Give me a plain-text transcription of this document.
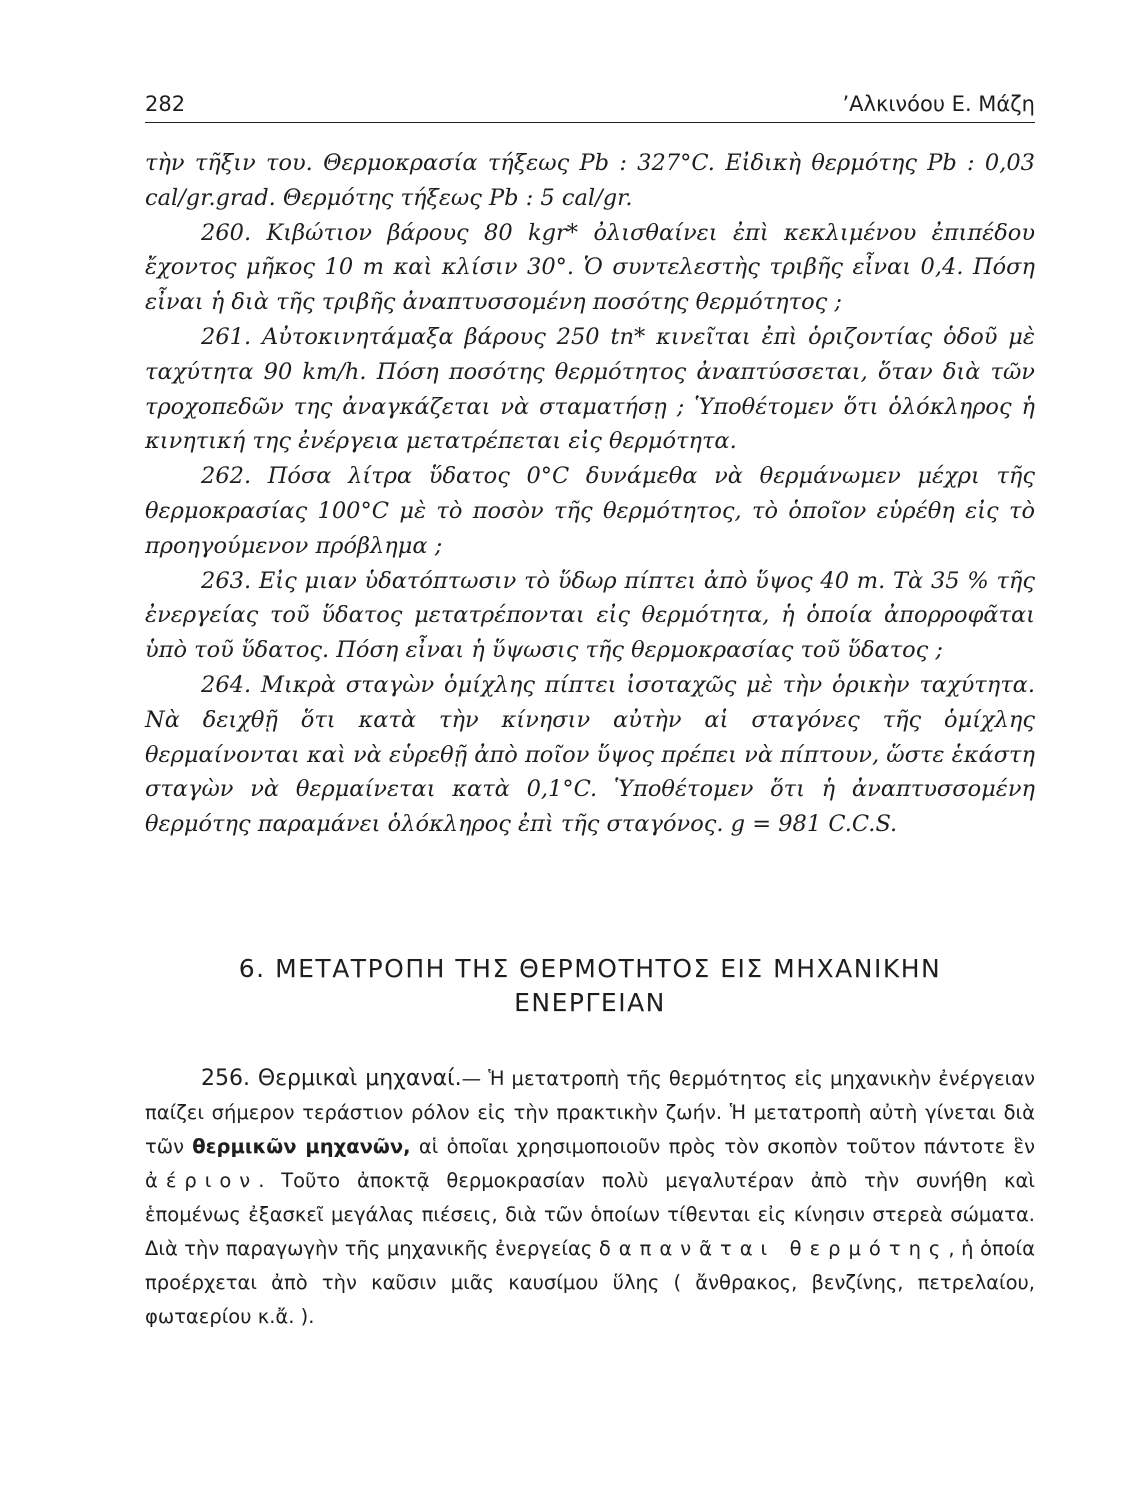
282	’Αλκινόου Ε. Μάζη

τὴν τῆξιν του. Θερμοκρασία τήξεως Pb : 327°C. Εἰδικὴ θερμότης Pb : 0,03 cal/gr.grad. Θερμότης τήξεως Pb : 5 cal/gr.

260. Κιβώτιον βάρους 80 kgr* ὀλισθαίνει ἐπὶ κεκλιμένου ἐπιπέδου ἔχοντος μῆκος 10 m καὶ κλίσιν 30°. Ὁ συντελεστὴς τριβῆς εἶναι 0,4. Πόση εἶναι ἡ διὰ τῆς τριβῆς ἀναπτυσσομένη ποσότης θερμότητος ;

261. Αὐτοκινητάμαξα βάρους 250 tn* κινεῖται ἐπὶ ὁριζοντίας ὁδοῦ μὲ ταχύτητα 90 km/h. Πόση ποσότης θερμότητος ἀναπτύσσεται, ὅταν διὰ τῶν τροχοπεδῶν της ἀναγκάζεται νὰ σταματήσῃ ; Ὑποθέτομεν ὅτι ὁλόκληρος ἡ κινητική της ἐνέργεια μετατρέπεται εἰς θερμότητα.

262. Πόσα λίτρα ὕδατος 0°C δυνάμεθα νὰ θερμάνωμεν μέχρι τῆς θερμοκρασίας 100°C μὲ τὸ ποσὸν τῆς θερμότητος, τὸ ὁποῖον εὑρέθη εἰς τὸ προηγούμενον πρόβλημα ;

263. Εἰς μιαν ὑδατόπτωσιν τὸ ὕδωρ πίπτει ἀπὸ ὕψος 40 m. Τὰ 35 % τῆς ἐνεργείας τοῦ ὕδατος μετατρέπονται εἰς θερμότητα, ἡ ὁποία ἀπορροφᾶται ὑπὸ τοῦ ὕδατος. Πόση εἶναι ἡ ὕψωσις τῆς θερμοκρασίας τοῦ ὕδατος ;

264. Μικρὰ σταγὼν ὁμίχλης πίπτει ἰσοταχῶς μὲ τὴν ὁρικὴν ταχύτητα. Νὰ δειχθῇ ὅτι κατὰ τὴν κίνησιν αὐτὴν αἱ σταγόνες τῆς ὁμίχλης θερμαίνονται καὶ νὰ εὑρεθῇ ἀπὸ ποῖον ὕψος πρέπει νὰ πίπτουν, ὥστε ἑκάστη σταγὼν νὰ θερμαίνεται κατὰ 0,1°C. Ὑποθέτομεν ὅτι ἡ ἀναπτυσσομένη θερμότης παραμάνει ὁλόκληρος ἐπὶ τῆς σταγόνος. g = 981 C.C.S.

6. ΜΕΤΑΤΡΟΠΗ ΤΗΣ ΘΕΡΜΟΤΗΤΟΣ ΕΙΣ ΜΗΧΑΝΙΚΗΝ
ΕΝΕΡΓΕΙΑΝ

256. Θερμικαὶ μηχαναί.— Ἡ μετατροπὴ τῆς θερμότητος εἰς μηχανικὴν ἐνέργειαν παίζει σήμερον τεράστιον ρόλον εἰς τὴν πρακτικὴν ζωήν. Ἡ μετατροπὴ αὐτὴ γίνεται διὰ τῶν θερμικῶν μηχανῶν, αἱ ὁποῖαι χρησιμοποιοῦν πρὸς τὸν σκοπὸν τοῦτον πάντοτε ἓν ἀέριον. Τοῦτο ἀποκτᾷ θερμοκρασίαν πολὺ μεγαλυτέραν ἀπὸ τὴν συνήθη καὶ ἑπομένως ἐξασκεῖ μεγάλας πιέσεις, διὰ τῶν ὁποίων τίθενται εἰς κίνησιν στερεὰ σώματα. Διὰ τὴν παραγωγὴν τῆς μηχανικῆς ἐνεργείας δαπανᾶται θερμότης, ἡ ὁποία προέρχεται ἀπὸ τὴν καῦσιν μιᾶς καυσίμου ὕλης ( ἄνθρακος, βενζίνης, πετρελαίου, φωταερίου κ.ἄ. ).
